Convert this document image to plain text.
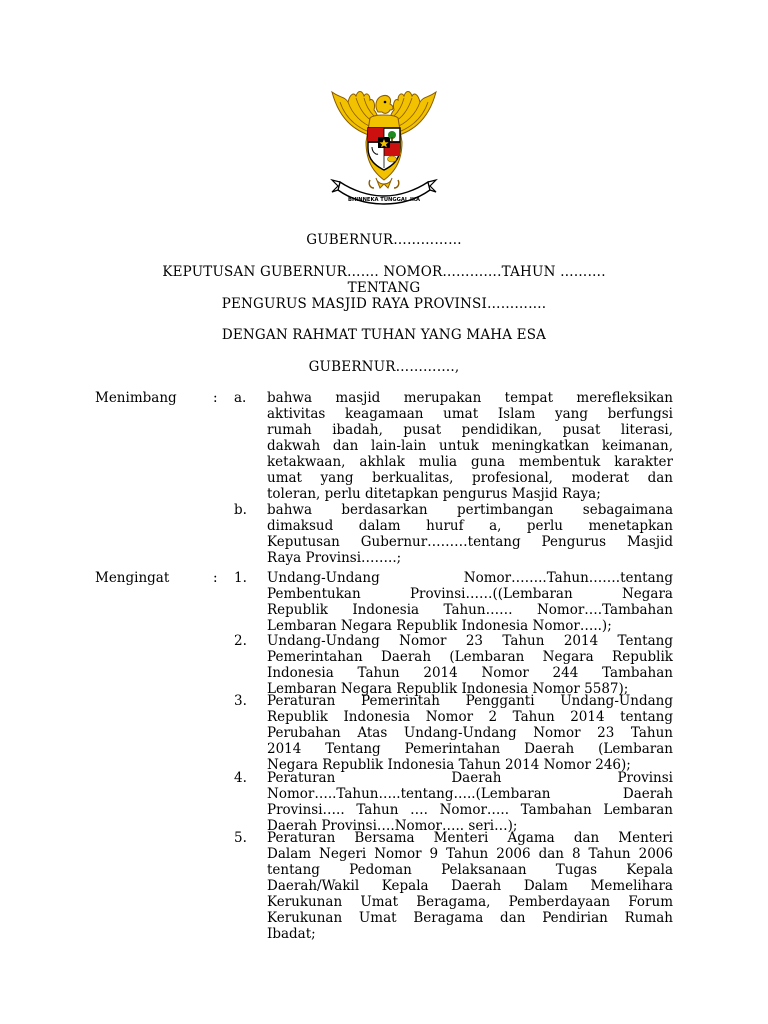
BHINNEKA TUNGGAL IKA
GUBERNUR……………
KEPUTUSAN GUBERNUR……. NOMOR………….TAHUN ……….
TENTANG
PENGURUS MASJID RAYA PROVINSI………….
DENGAN RAHMAT TUHAN YANG MAHA ESA
GUBERNUR………….,
Menimbang	: a. bahwa masjid merupakan tempat merefleksikan
aktivitas keagamaan umat Islam yang berfungsi
rumah ibadah, pusat pendidikan, pusat literasi,
dakwah dan lain-lain untuk meningkatkan keimanan,
ketakwaan, akhlak mulia guna membentuk karakter
umat yang berkualitas, profesional, moderat dan
toleran, perlu ditetapkan pengurus Masjid Raya;
b. bahwa berdasarkan pertimbangan sebagaimana
dimaksud dalam huruf a, perlu menetapkan
Keputusan Gubernur………tentang Pengurus Masjid
Raya Provinsi……..;
Mengingat	: 1. Undang-Undang Nomor……..Tahun…….tentang
Pembentukan Provinsi……((Lembaran Negara
Republik Indonesia Tahun…… Nomor….Tambahan
Lembaran Negara Republik Indonesia Nomor…..);
2. Undang-Undang Nomor 23 Tahun 2014 Tentang
Pemerintahan Daerah (Lembaran Negara Republik
Indonesia Tahun 2014 Nomor 244 Tambahan
Lembaran Negara Republik Indonesia Nomor 5587);
3. Peraturan Pemerintah Pengganti Undang-Undang
Republik Indonesia Nomor 2 Tahun 2014 tentang
Perubahan Atas Undang-Undang Nomor 23 Tahun
2014 Tentang Pemerintahan Daerah (Lembaran
Negara Republik Indonesia Tahun 2014 Nomor 246);
4. Peraturan Daerah Provinsi
Nomor…..Tahun…..tentang…..(Lembaran Daerah
Provinsi….. Tahun …. Nomor….. Tambahan Lembaran
Daerah Provinsi….Nomor….. seri…);
5. Peraturan Bersama Menteri Agama dan Menteri
Dalam Negeri Nomor 9 Tahun 2006 dan 8 Tahun 2006
tentang Pedoman Pelaksanaan Tugas Kepala
Daerah/Wakil Kepala Daerah Dalam Memelihara
Kerukunan Umat Beragama, Pemberdayaan Forum
Kerukunan Umat Beragama dan Pendirian Rumah
Ibadat;
